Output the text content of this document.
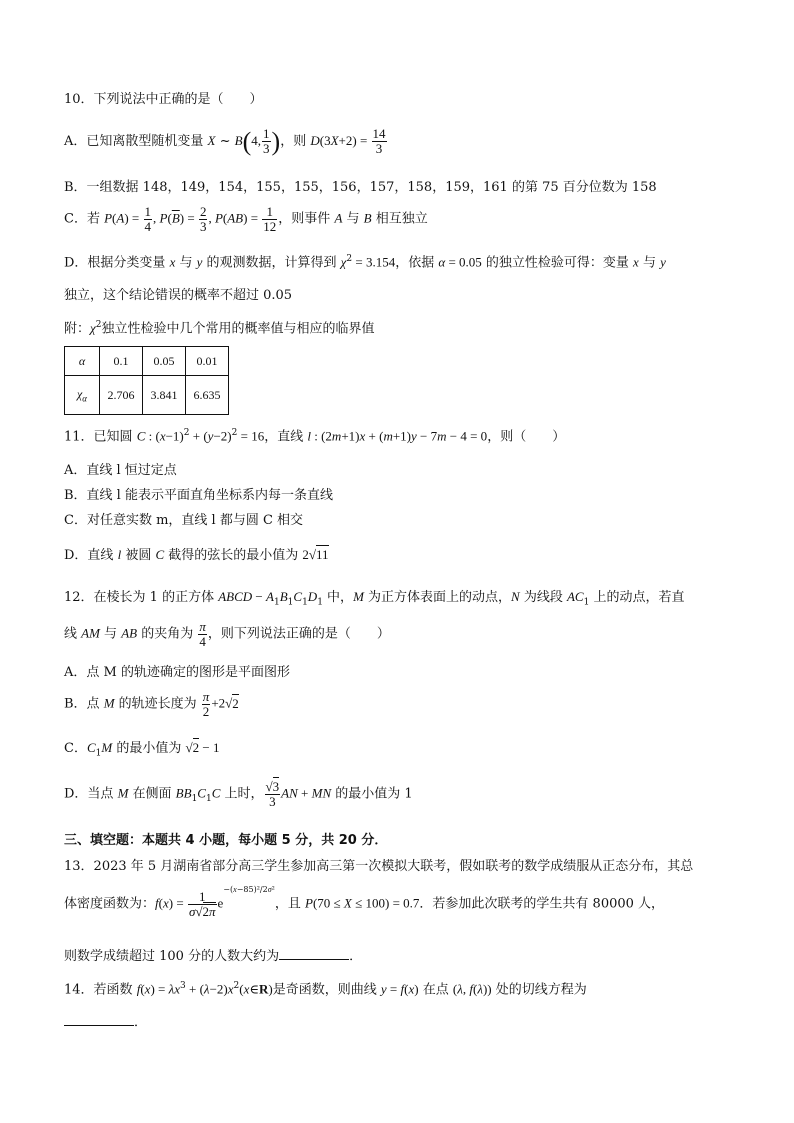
10．下列说法中正确的是（　　）
A．已知离散型随机变量 X ~ B(4, $\frac{1}{3}$ )，则 $D(3X+2) = \frac{14}{3}$
B．一组数据 148，149，154，155，155，156，157，158，159，161 的第 75 百分位数为 158
C．若 $P(A) = \frac{1}{4}$ , $P(\overline{B}) = \frac{2}{3}$ , $P(AB) = \frac{1}{12}$ ，则事件 A 与 B 相互独立
D．根据分类变量 x 与 y 的观测数据，计算得到 $\chi^2 = 3.154$，依据 α = 0.05 的独立性检验可得：变量 x 与 y
独立，这个结论错误的概率不超过 0.05
附：$\chi^2$独立性检验中几个常用的概率值与相应的临界值
α	0.1	0.05	0.01
$\chi_\alpha$	2.706	3.841	6.635
11．已知圆 C : $(x-1)^2 + (y-2)^2 = 16$，直线 l : (2m+1)x + (m+1)y − 7m − 4 = 0，则（　　）
A．直线 l 恒过定点
B．直线 l 能表示平面直角坐标系内每一条直线
C．对任意实数 m，直线 l 都与圆 C 相交
D．直线 l 被圆 C 截得的弦长的最小值为 2√11
12．在棱长为 1 的正方体 ABCD − $A_1B_1C_1D_1$ 中，M 为正方体表面上的动点，N 为线段 $AC_1$ 上的动点，若直
线 AM 与 AB 的夹角为 $\frac{\pi}{4}$ ，则下列说法正确的是（　　）
A．点 M 的轨迹确定的图形是平面图形
B．点 M 的轨迹长度为 $\frac{\pi}{2} +2√2$
C．$C_1M$ 的最小值为 √2 − 1
D．当点 M 在侧面 $BB_1C_1C$ 上时， $\frac{√3}{3}$ AN + MN 的最小值为 1
三、填空题：本题共 4 小题，每小题 5 分，共 20 分．
13．2023 年 5 月湖南省部分高三学生参加高三第一次模拟大联考，假如联考的数学成绩服从正态分布，其总
体密度函数为：$f(x) = \frac{1}{\sigma√2\pi} e^{-(x-85)^2/2\sigma^2}$，且 P(70 ≤ X ≤ 100) = 0.7．若参加此次联考的学生共有 80000 人，
则数学成绩超过 100 分的人数大约为	．
14．若函数 $f(x) = \lambda x^3$ + $(\lambda-2)x^2(x\in R)$是奇函数，则曲线 y = f(x) 在点 (λ, f(λ)) 处的切线方程为
．
